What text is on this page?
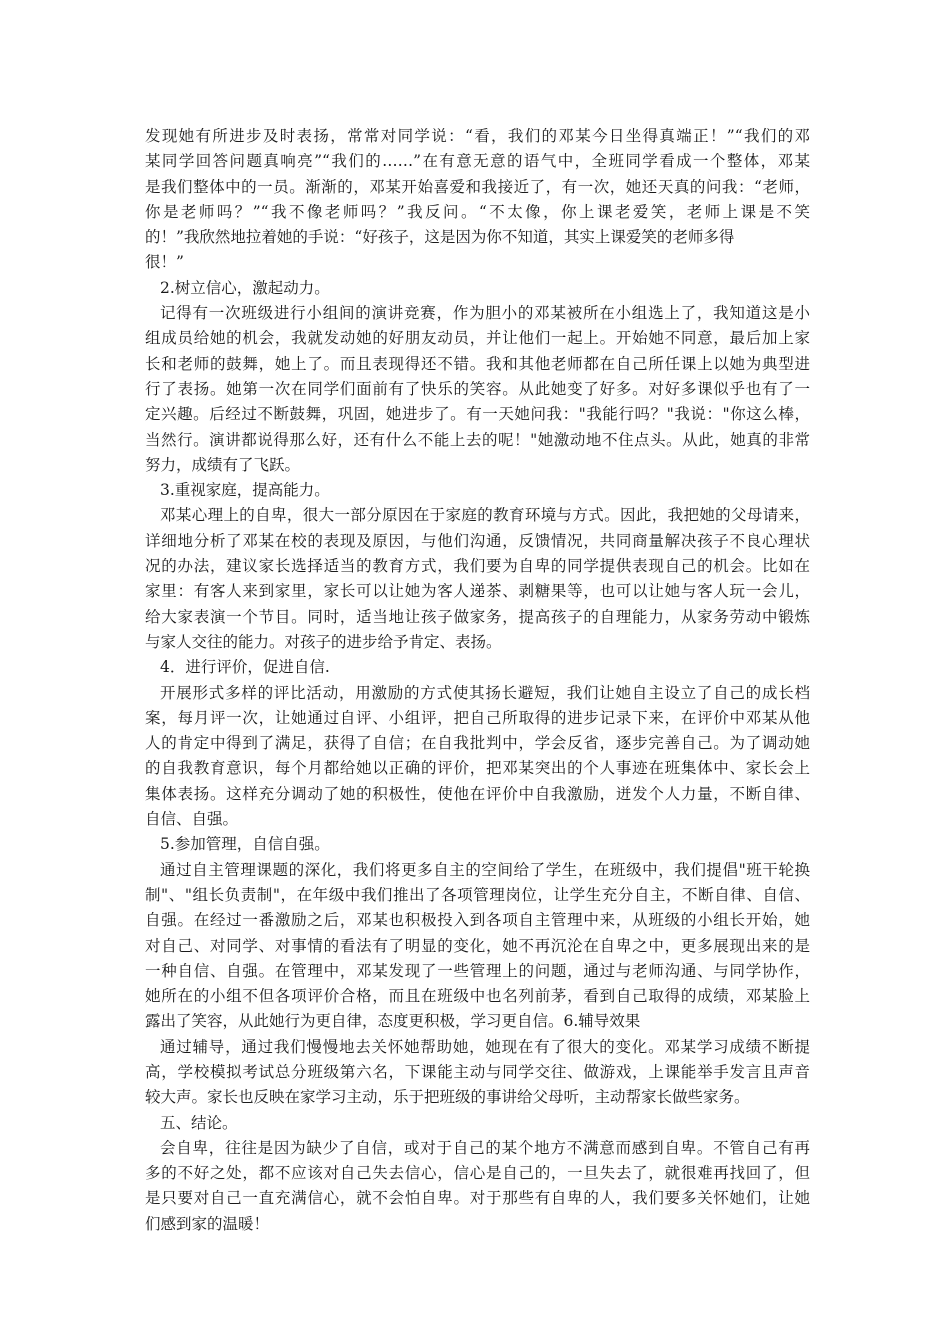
发现她有所进步及时表扬，常常对同学说：“看，我们的邓某今日坐得真端正！”“我们的邓
某同学回答问题真响亮”“我们的……”在有意无意的语气中，全班同学看成一个整体，邓某
是我们整体中的一员。渐渐的，邓某开始喜爱和我接近了，有一次，她还天真的问我：“老师，
你是老师吗？”“我不像老师吗？”我反问。“不太像，你上课老爱笑，老师上课是不笑
的！”我欣然地拉着她的手说：“好孩子，这是因为你不知道，其实上课爱笑的老师多得
很！”
2.树立信心，激起动力。
记得有一次班级进行小组间的演讲竞赛，作为胆小的邓某被所在小组选上了，我知道这是小
组成员给她的机会，我就发动她的好朋友动员，并让他们一起上。开始她不同意，最后加上家
长和老师的鼓舞，她上了。而且表现得还不错。我和其他老师都在自己所任课上以她为典型进
行了表扬。她第一次在同学们面前有了快乐的笑容。从此她变了好多。对好多课似乎也有了一
定兴趣。后经过不断鼓舞，巩固，她进步了。有一天她问我："我能行吗？"我说："你这么棒，
当然行。演讲都说得那么好，还有什么不能上去的呢！"她激动地不住点头。从此，她真的非常
努力，成绩有了飞跃。
3.重视家庭，提高能力。
邓某心理上的自卑，很大一部分原因在于家庭的教育环境与方式。因此，我把她的父母请来，
详细地分析了邓某在校的表现及原因，与他们沟通，反馈情况，共同商量解决孩子不良心理状
况的办法，建议家长选择适当的教育方式，我们要为自卑的同学提供表现自己的机会。比如在
家里：有客人来到家里，家长可以让她为客人递茶、剥糖果等，也可以让她与客人玩一会儿，
给大家表演一个节目。同时，适当地让孩子做家务，提高孩子的自理能力，从家务劳动中锻炼
与家人交往的能力。对孩子的进步给予肯定、表扬。
4．进行评价，促进自信.
开展形式多样的评比活动，用激励的方式使其扬长避短，我们让她自主设立了自己的成长档
案，每月评一次，让她通过自评、小组评，把自己所取得的进步记录下来，在评价中邓某从他
人的肯定中得到了满足，获得了自信；在自我批判中，学会反省，逐步完善自己。为了调动她
的自我教育意识，每个月都给她以正确的评价，把邓某突出的个人事迹在班集体中、家长会上
集体表扬。这样充分调动了她的积极性，使他在评价中自我激励，迸发个人力量，不断自律、
自信、自强。
5.参加管理，自信自强。
通过自主管理课题的深化，我们将更多自主的空间给了学生，在班级中，我们提倡"班干轮换
制"、"组长负责制"，在年级中我们推出了各项管理岗位，让学生充分自主，不断自律、自信、
自强。在经过一番激励之后，邓某也积极投入到各项自主管理中来，从班级的小组长开始，她
对自己、对同学、对事情的看法有了明显的变化，她不再沉沦在自卑之中，更多展现出来的是
一种自信、自强。在管理中，邓某发现了一些管理上的问题，通过与老师沟通、与同学协作，
她所在的小组不但各项评价合格，而且在班级中也名列前茅，看到自己取得的成绩，邓某脸上
露出了笑容，从此她行为更自律，态度更积极，学习更自信。6.辅导效果
通过辅导，通过我们慢慢地去关怀她帮助她，她现在有了很大的变化。邓某学习成绩不断提
高，学校模拟考试总分班级第六名，下课能主动与同学交往、做游戏，上课能举手发言且声音
较大声。家长也反映在家学习主动，乐于把班级的事讲给父母听，主动帮家长做些家务。
五、结论。
会自卑，往往是因为缺少了自信，或对于自己的某个地方不满意而感到自卑。不管自己有再
多的不好之处，都不应该对自己失去信心，信心是自己的，一旦失去了，就很难再找回了，但
是只要对自己一直充满信心，就不会怕自卑。对于那些有自卑的人，我们要多关怀她们，让她
们感到家的温暖！
